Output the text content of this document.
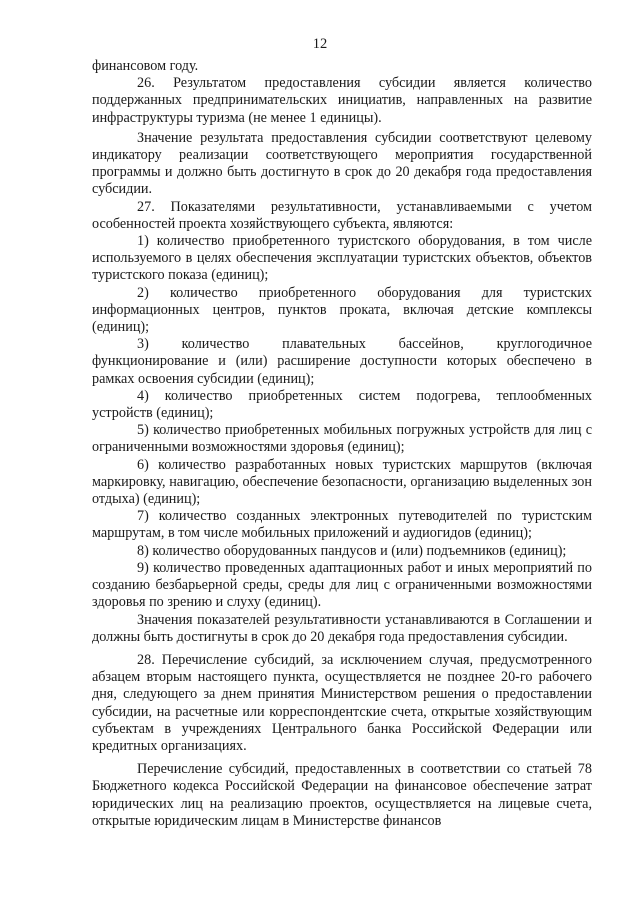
12

финансовом году.

26. Результатом предоставления субсидии является количество поддержанных предпринимательских инициатив, направленных на развитие инфраструктуры туризма (не менее 1 единицы).

Значение результата предоставления субсидии соответствуют целевому индикатору реализации соответствующего мероприятия государственной программы и должно быть достигнуто в срок до 20 декабря года предоставления субсидии.

27. Показателями результативности, устанавливаемыми с учетом особенностей проекта хозяйствующего субъекта, являются:

1) количество приобретенного туристского оборудования, в том числе используемого в целях обеспечения эксплуатации туристских объектов, объектов туристского показа (единиц);

2) количество приобретенного оборудования для туристских информационных центров, пунктов проката, включая детские комплексы (единиц);

3) количество плавательных бассейнов, круглогодичное функционирование и (или) расширение доступности которых обеспечено в рамках освоения субсидии (единиц);

4) количество приобретенных систем подогрева, теплообменных устройств (единиц);

5) количество приобретенных мобильных погружных устройств для лиц с ограниченными возможностями здоровья (единиц);

6) количество разработанных новых туристских маршрутов (включая маркировку, навигацию, обеспечение безопасности, организацию выделенных зон отдыха) (единиц);

7) количество созданных электронных путеводителей по туристским маршрутам, в том числе мобильных приложений и аудиогидов (единиц);

8) количество оборудованных пандусов и (или) подъемников (единиц);

9) количество проведенных адаптационных работ и иных мероприятий по созданию безбарьерной среды, среды для лиц с ограниченными возможностями здоровья по зрению и слуху (единиц).

Значения показателей результативности устанавливаются в Соглашении и должны быть достигнуты в срок до 20 декабря года предоставления субсидии.

28. Перечисление субсидий, за исключением случая, предусмотренного абзацем вторым настоящего пункта, осуществляется не позднее 20-го рабочего дня, следующего за днем принятия Министерством решения о предоставлении субсидии, на расчетные или корреспондентские счета, открытые хозяйствующим субъектам в учреждениях Центрального банка Российской Федерации или кредитных организациях.

Перечисление субсидий, предоставленных в соответствии со статьей 78 Бюджетного кодекса Российской Федерации на финансовое обеспечение затрат юридических лиц на реализацию проектов, осуществляется на лицевые счета, открытые юридическим лицам в Министерстве финансов
